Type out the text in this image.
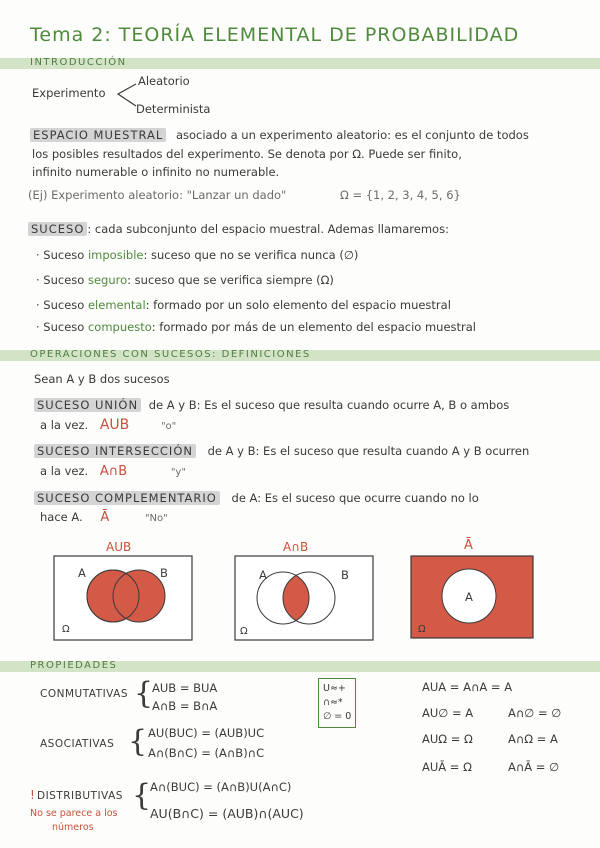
Tema 2: TEORÍA ELEMENTAL DE PROBABILIDAD
INTRODUCCIÓN
Experimento
Aleatorio
Determinista
ESPACIO MUESTRAL asociado a un experimento aleatorio: es el conjunto de todos
los posibles resultados del experimento. Se denota por Ω. Puede ser finito,
infinito numerable o infinito no numerable.
(Ej) Experimento aleatorio: "Lanzar un dado"	Ω = {1, 2, 3, 4, 5, 6}
SUCESO : cada subconjunto del espacio muestral. Ademas llamaremos:
· Suceso imposible: suceso que no se verifica nunca (∅)
· Suceso seguro: suceso que se verifica siempre (Ω)
· Suceso elemental: formado por un solo elemento del espacio muestral
· Suceso compuesto: formado por más de un elemento del espacio muestral
OPERACIONES CON SUCESOS: DEFINICIONES
Sean A y B dos sucesos
SUCESO UNIÓN de A y B: Es el suceso que resulta cuando ocurre A, B o ambos
a la vez. AUB	"o"
SUCESO INTERSECCIÓN de A y B: Es el suceso que resulta cuando A y B ocurren
a la vez. A∩B	"y"
SUCESO COMPLEMENTARIO de A: Es el suceso que ocurre cuando no lo
hace A. Ā	"No"
AUB	A∩B	Ā
A	B
Ω
A	B
Ω
A
Ω
PROPIEDADES
CONMUTATIVAS {
AUB = BUA
A∩B = B∩A
ASOCIATIVAS { AU(BUC) = (AUB)UC
A∩(B∩C) = (A∩B)∩C
! DISTRIBUTIVAS {
A∩(BUC) = (A∩B)U(A∩C)
AU(B∩C) = (AUB)∩(AUC)
No se parece a los
números
U≈+
∩≈*
∅ = 0
AUA = A∩A = A
AU∅ = A	A∩∅ = ∅
AUΩ = Ω	A∩Ω = A
AUĀ = Ω	A∩Ā = ∅
